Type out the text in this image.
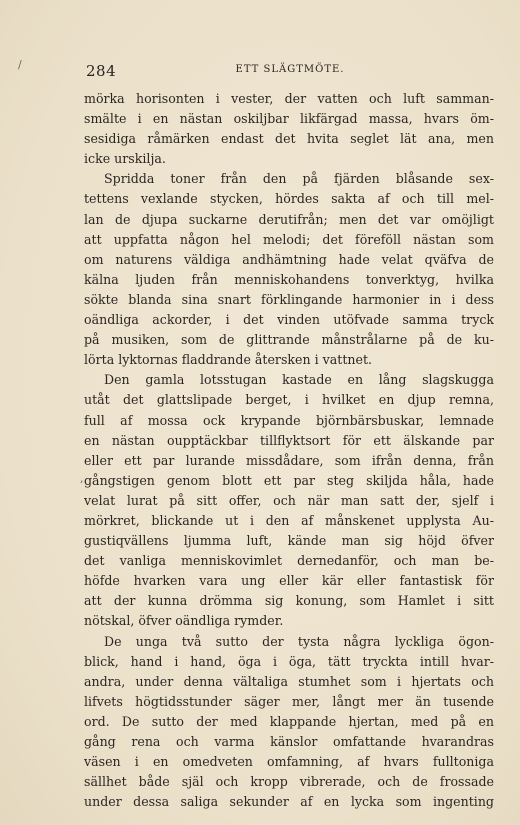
284	ETT SLÄGTMÖTE.
/
,
mörka horisonten i vester, der vatten och luft samman-
smälte i en nästan oskiljbar likfärgad massa, hvars öm-
sesidiga råmärken endast det hvita seglet lät ana, men
icke urskilja.
Spridda toner från den på fjärden blåsande sex-
tettens vexlande stycken, hördes sakta af och till mel-
lan de djupa suckarne derutifrån; men det var omöjligt
att uppfatta någon hel melodi; det föreföll nästan som
om naturens väldiga andhämtning hade velat qväfva de
kälna ljuden från menniskohandens tonverktyg, hvilka
sökte blanda sina snart förklingande harmonier in i dess
oändliga ackorder, i det vinden utöfvade samma tryck
på musiken, som de glittrande månstrålarne på de ku-
lörta lyktornas fladdrande återsken i vattnet.
Den gamla lotsstugan kastade en lång slagskugga
utåt det glattslipade berget, i hvilket en djup remna,
full af mossa ock krypande björnbärsbuskar, lemnade
en nästan oupptäckbar tillflyktsort för ett älskande par
eller ett par lurande missdådare, som ifrån denna, från
gångstigen genom blott ett par steg skiljda håla, hade
velat lurat på sitt offer, och när man satt der, sjelf i
mörkret, blickande ut i den af månskenet upplysta Au-
gustiqvällens ljumma luft, kände man sig höjd öfver
det vanliga menniskovimlet dernedanför, och man be-
höfde hvarken vara ung eller kär eller fantastisk för
att der kunna drömma sig konung, som Hamlet i sitt
nötskal, öfver oändliga rymder.
De unga två sutto der tysta några lyckliga ögon-
blick, hand i hand, öga i öga, tätt tryckta intill hvar-
andra, under denna vältaliga stumhet som i hjertats och
lifvets högtidsstunder säger mer, långt mer än tusende
ord. De sutto der med klappande hjertan, med på en
gång rena och varma känslor omfattande hvarandras
väsen i en omedveten omfamning, af hvars fulltoniga
sällhet både själ och kropp vibrerade, och de frossade
under dessa saliga sekunder af en lycka som ingenting
